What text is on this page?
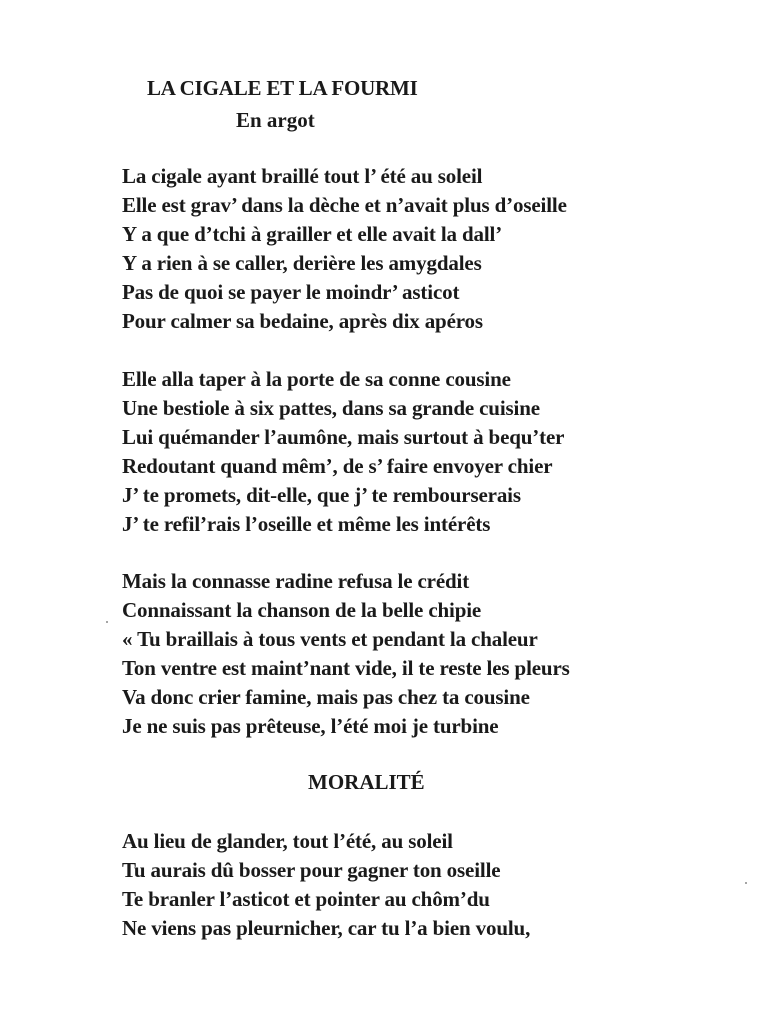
LA CIGALE ET LA FOURMI
En argot
La cigale ayant braillé tout l’ été au soleil
Elle est grav’ dans la dèche et n’avait plus d’oseille
Y a que d’tchi à grailler et elle avait la dall’
Y a rien à se caller, derière les amygdales
Pas de quoi se payer le moindr’ asticot
Pour calmer sa bedaine, après dix apéros
Elle alla taper à la porte de sa conne cousine
Une bestiole à six pattes, dans sa grande cuisine
Lui quémander l’aumône, mais surtout à bequ’ter
Redoutant quand mêm’, de s’ faire envoyer chier
J’ te promets, dit-elle, que j’ te rembourserais
J’ te refil’rais l’oseille et même les intérêts
Mais la connasse radine refusa le crédit
Connaissant la chanson de la belle chipie
« Tu braillais à tous vents et pendant la chaleur
Ton ventre est maint’nant vide, il te reste les pleurs
Va donc crier famine, mais pas chez ta cousine
Je ne suis pas prêteuse, l’été moi je turbine
MORALITÉ
Au lieu de glander, tout l’été, au soleil
Tu aurais dû bosser pour gagner ton oseille
Te branler l’asticot et pointer au chôm’du
Ne viens pas pleurnicher, car tu l’a bien voulu,
